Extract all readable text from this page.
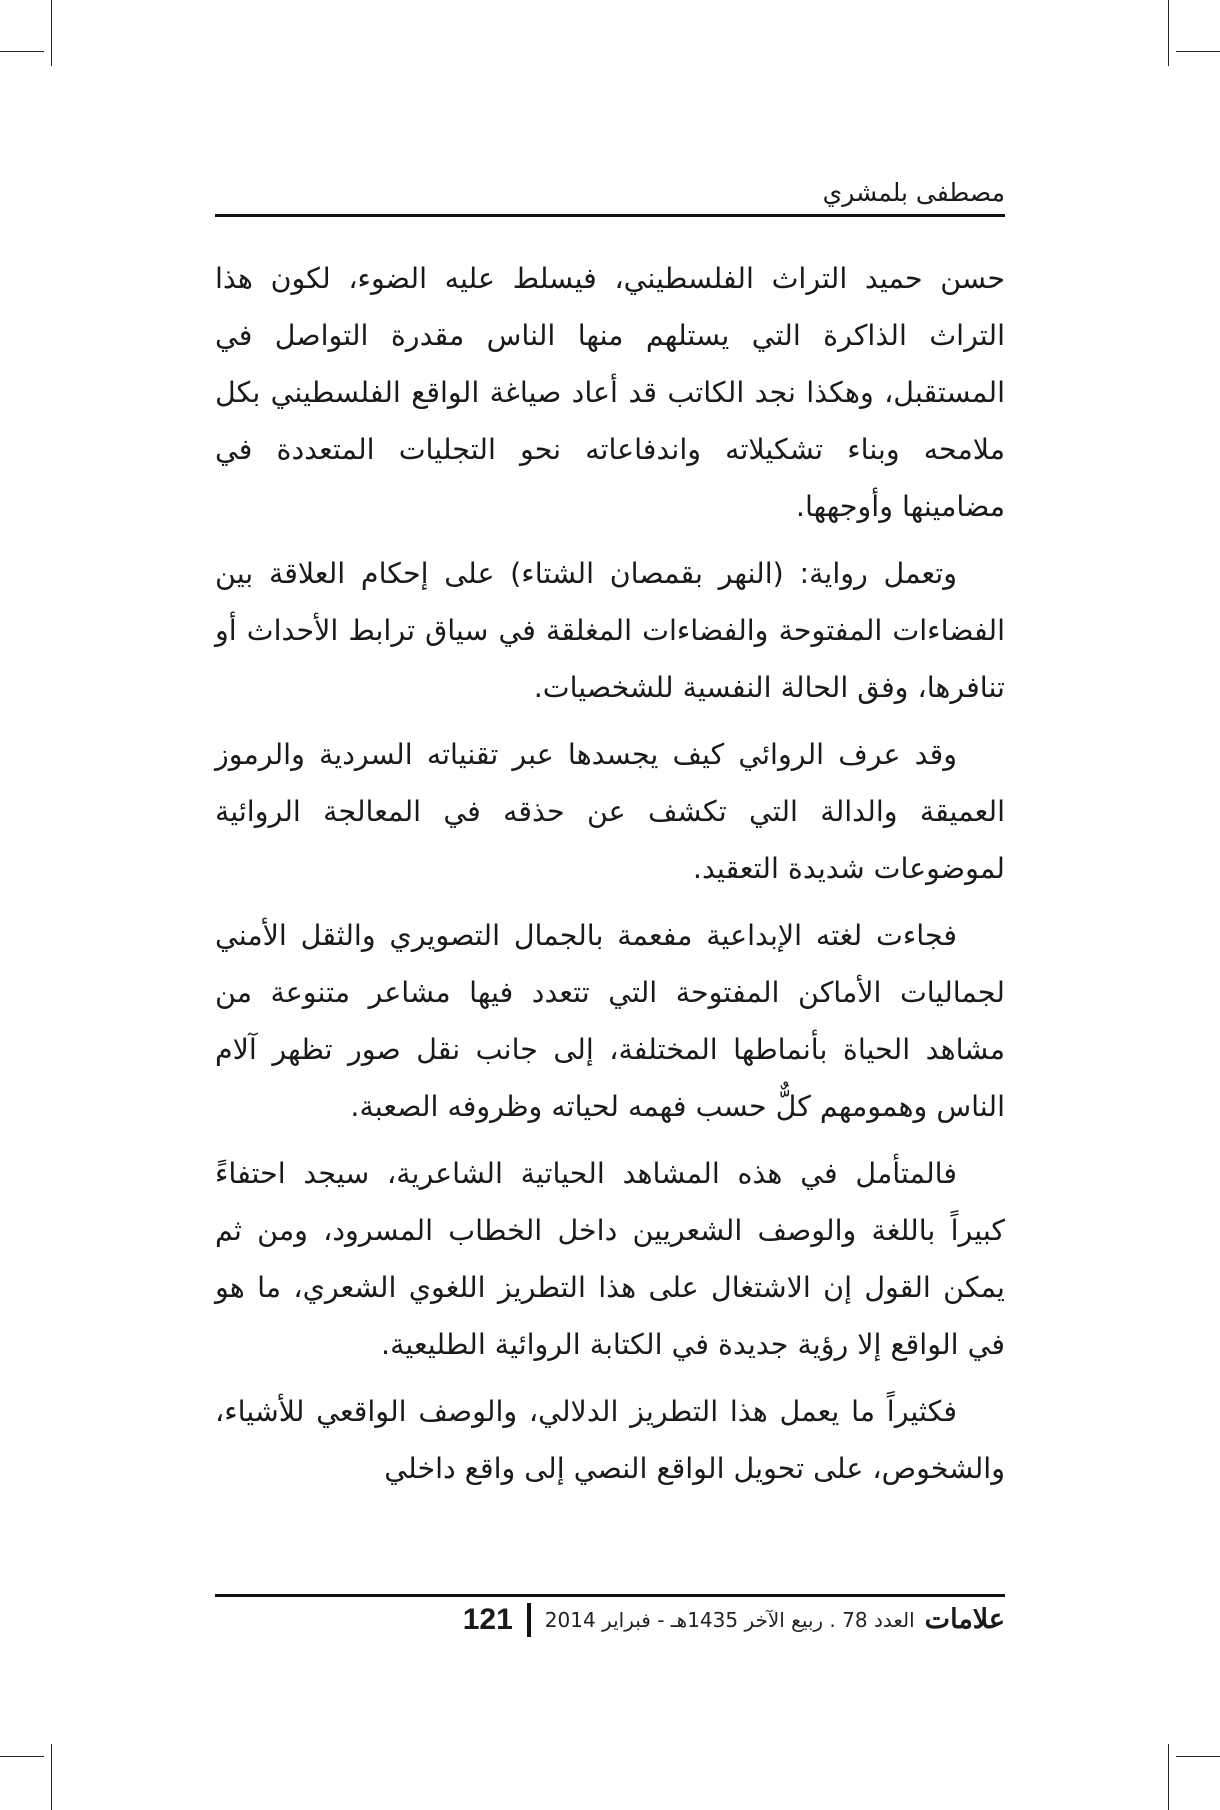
مصطفى بلمشري

حسن حميد التراث الفلسطيني، فيسلط عليه الضوء، لكون هذا التراث الذاكرة التي يستلهم منها الناس مقدرة التواصل في المستقبل، وهكذا نجد الكاتب قد أعاد صياغة الواقع الفلسطيني بكل ملامحه وبناء تشكيلاته واندفاعاته نحو التجليات المتعددة في مضامينها وأوجهها.

وتعمل رواية: (النهر بقمصان الشتاء) على إحكام العلاقة بين الفضاءات المفتوحة والفضاءات المغلقة في سياق ترابط الأحداث أو تنافرها، وفق الحالة النفسية للشخصيات.

وقد عرف الروائي كيف يجسدها عبر تقنياته السردية والرموز العميقة والدالة التي تكشف عن حذقه في المعالجة الروائية لموضوعات شديدة التعقيد.

فجاءت لغته الإبداعية مفعمة بالجمال التصويري والثقل الأمني لجماليات الأماكن المفتوحة التي تتعدد فيها مشاعر متنوعة من مشاهد الحياة بأنماطها المختلفة، إلى جانب نقل صور تظهر آلام الناس وهمومهم كلٌّ حسب فهمه لحياته وظروفه الصعبة.

فالمتأمل في هذه المشاهد الحياتية الشاعرية، سيجد احتفاءً كبيراً باللغة والوصف الشعريين داخل الخطاب المسرود، ومن ثم يمكن القول إن الاشتغال على هذا التطريز اللغوي الشعري، ما هو في الواقع إلا رؤية جديدة في الكتابة الروائية الطليعية.

فكثيراً ما يعمل هذا التطريز الدلالي، والوصف الواقعي للأشياء، والشخوص، على تحويل الواقع النصي إلى واقع داخلي

علامات
العدد 78 . ربيع الآخر 1435هـ - فبراير 2014
121
